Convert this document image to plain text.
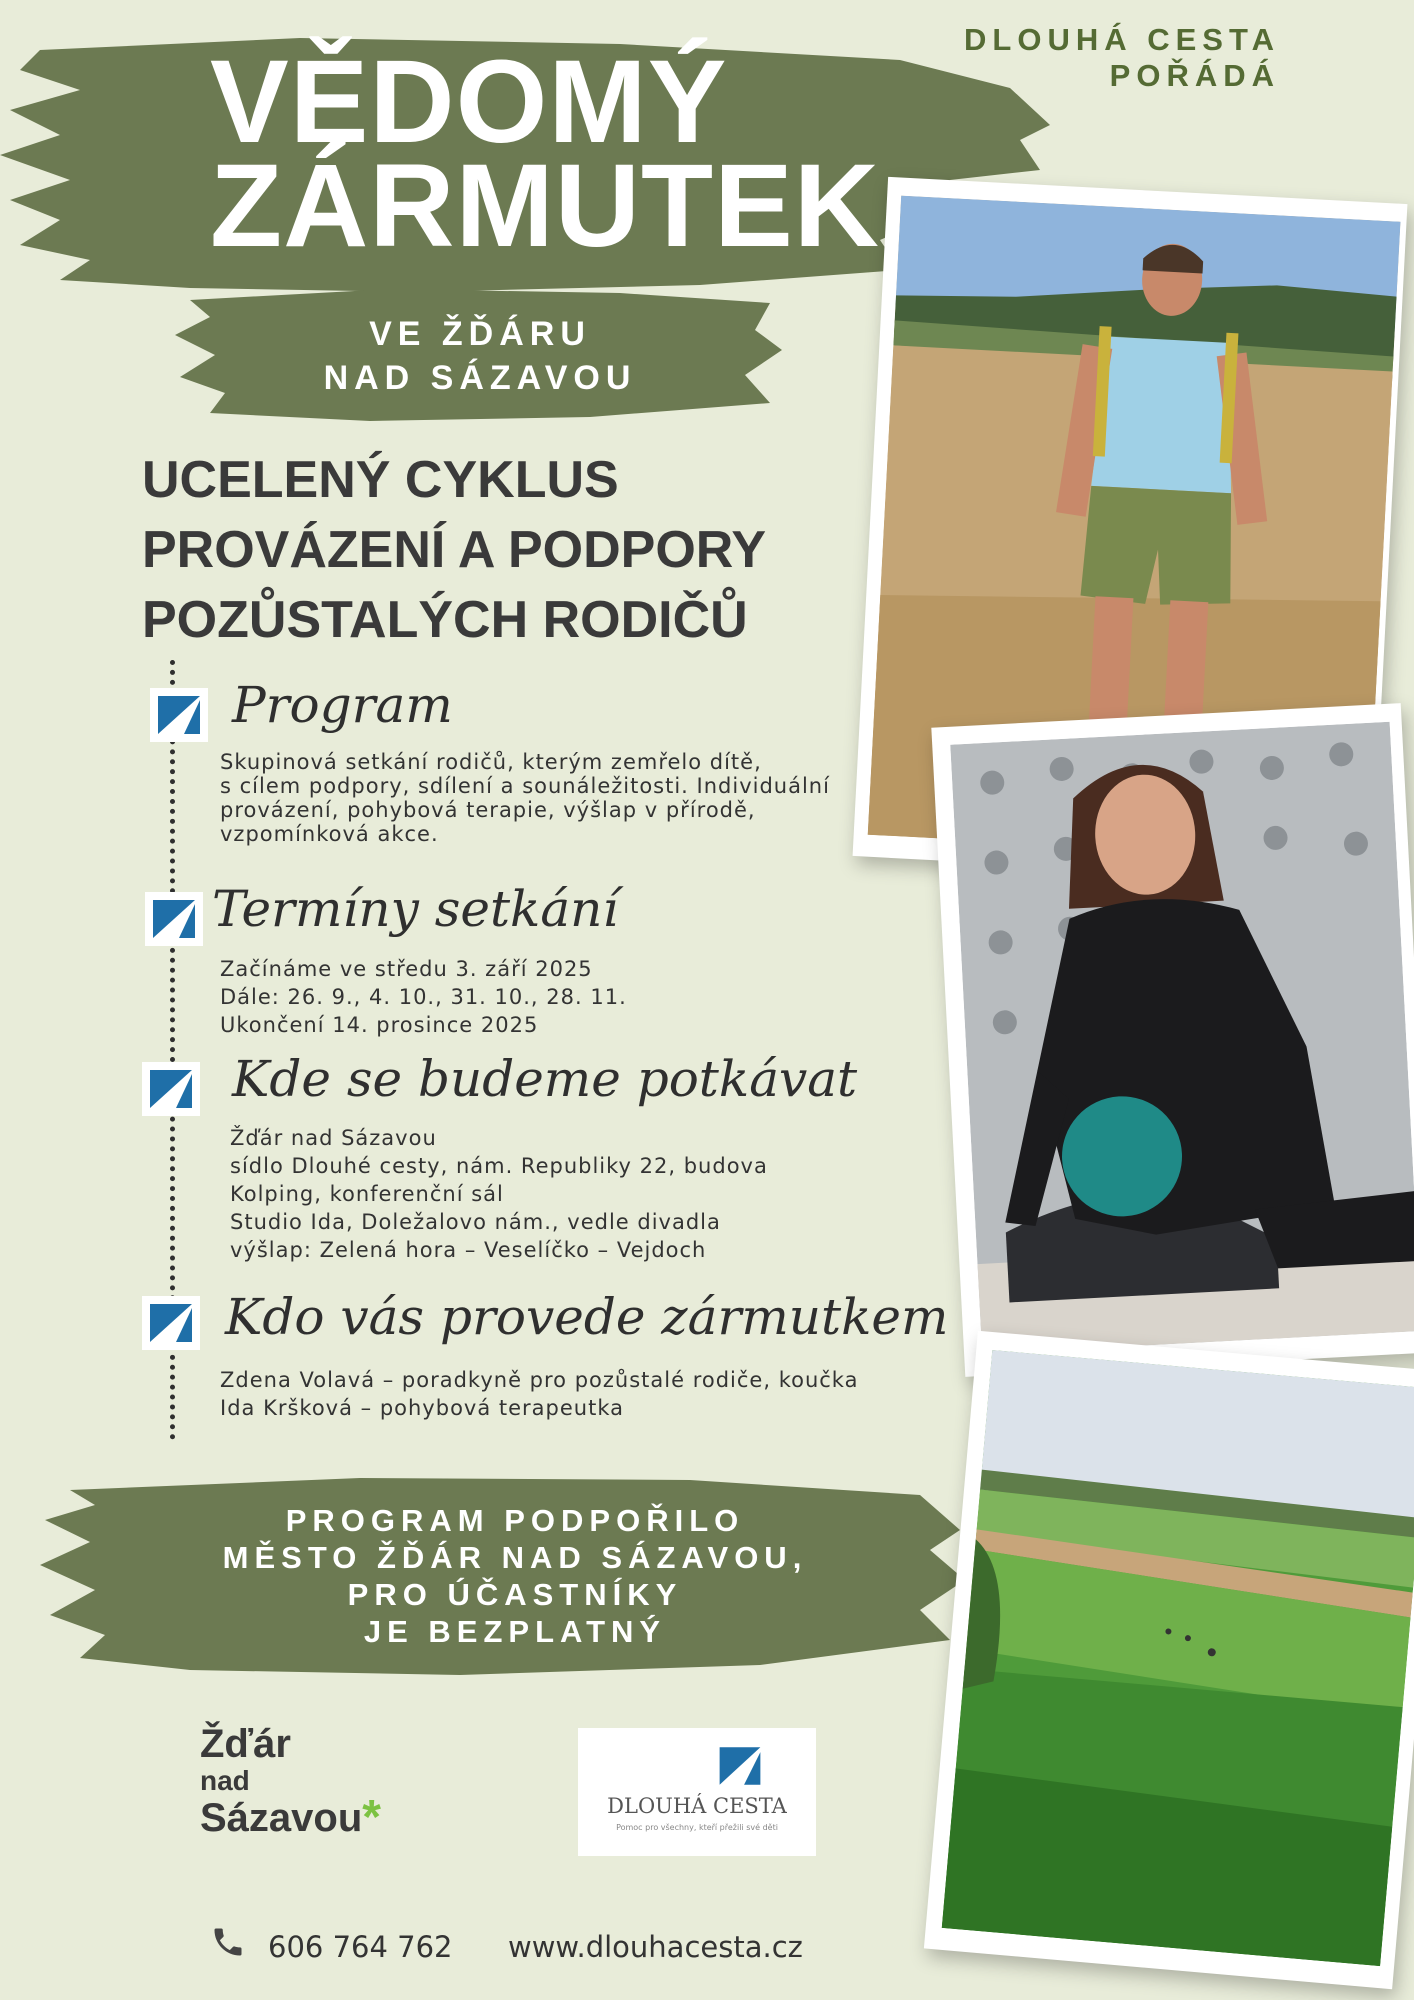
DLOUHÁ CESTA
POŘÁDÁ
VĚDOMÝ
ZÁRMUTEK
VE ŽĎÁRU
NAD SÁZAVOU
UCELENÝ CYKLUS
PROVÁZENÍ A PODPORY
POZŮSTALÝCH RODIČŮ
Program
Skupinová setkání rodičů, kterým zemřelo dítě,
s cílem podpory, sdílení a sounáležitosti. Individuální
provázení, pohybová terapie, výšlap v přírodě,
vzpomínková akce.
Termíny setkání
Začínáme ve středu 3. září 2025
Dále: 26. 9., 4. 10., 31. 10., 28. 11.
Ukončení 14. prosince 2025
Kde se budeme potkávat
Žďár nad Sázavou
sídlo Dlouhé cesty, nám. Republiky 22, budova
Kolping, konferenční sál
Studio Ida, Doležalovo nám., vedle divadla
výšlap: Zelená hora – Veselíčko – Vejdoch
Kdo vás provede zármutkem
Zdena Volavá – poradkyně pro pozůstalé rodiče, koučka
Ida Kršková – pohybová terapeutka
PROGRAM PODPOŘILO
MĚSTO ŽĎÁR NAD SÁZAVOU,
PRO ÚČASTNÍKY
JE BEZPLATNÝ
Žďár
nad
Sázavou*	DLOUHÁ CESTA
Pomoc pro všechny, kteří přežili své děti
606 764 762 www.dlouhacesta.cz
